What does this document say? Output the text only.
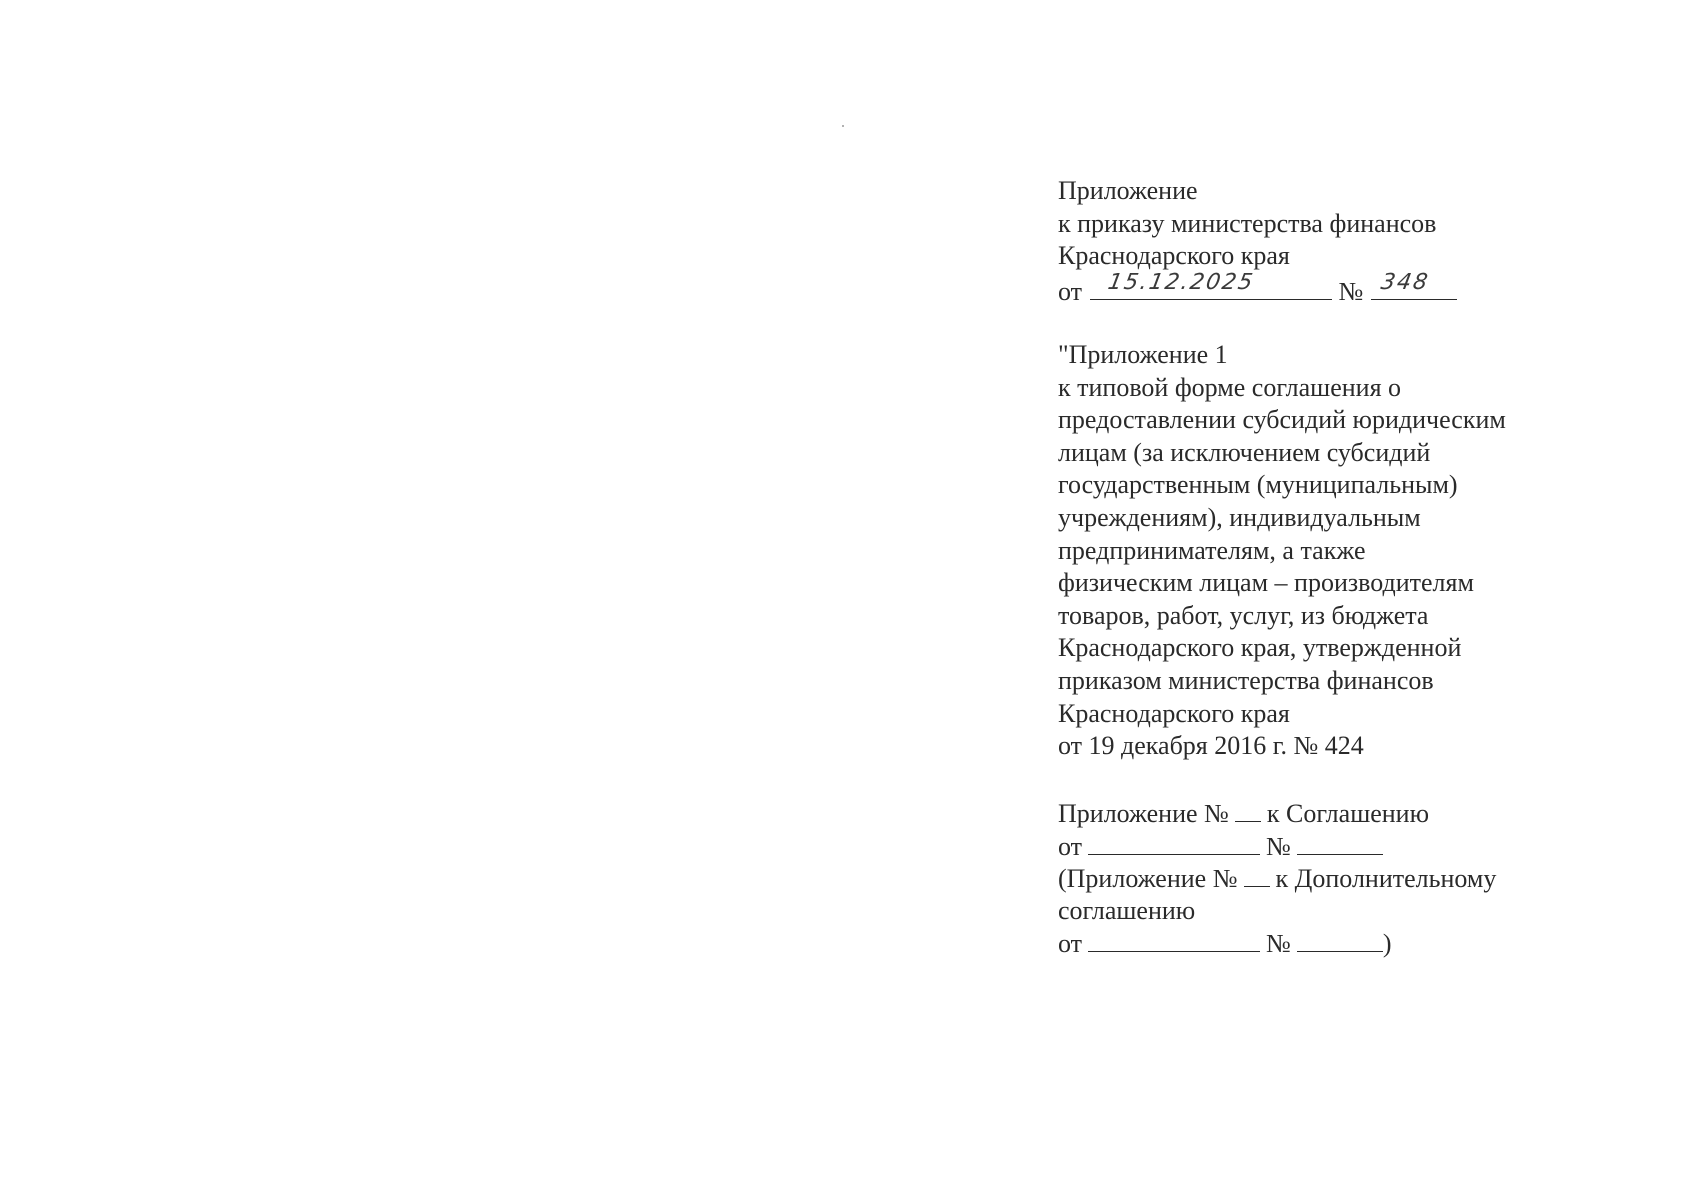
Приложение
к приказу министерства финансов
Краснодарского края
от 15.12.2025	№ 348
"Приложение 1
к типовой форме соглашения о
предоставлении субсидий юридическим
лицам (за исключением субсидий
государственным (муниципальным)
учреждениям), индивидуальным
предпринимателям, а также
физическим лицам – производителям
товаров, работ, услуг, из бюджета
Краснодарского края, утвержденной
приказом министерства финансов
Краснодарского края
от 19 декабря 2016 г. № 424
Приложение № к Соглашению
от	№
(Приложение № к Дополнительному
соглашению
от	№	)
